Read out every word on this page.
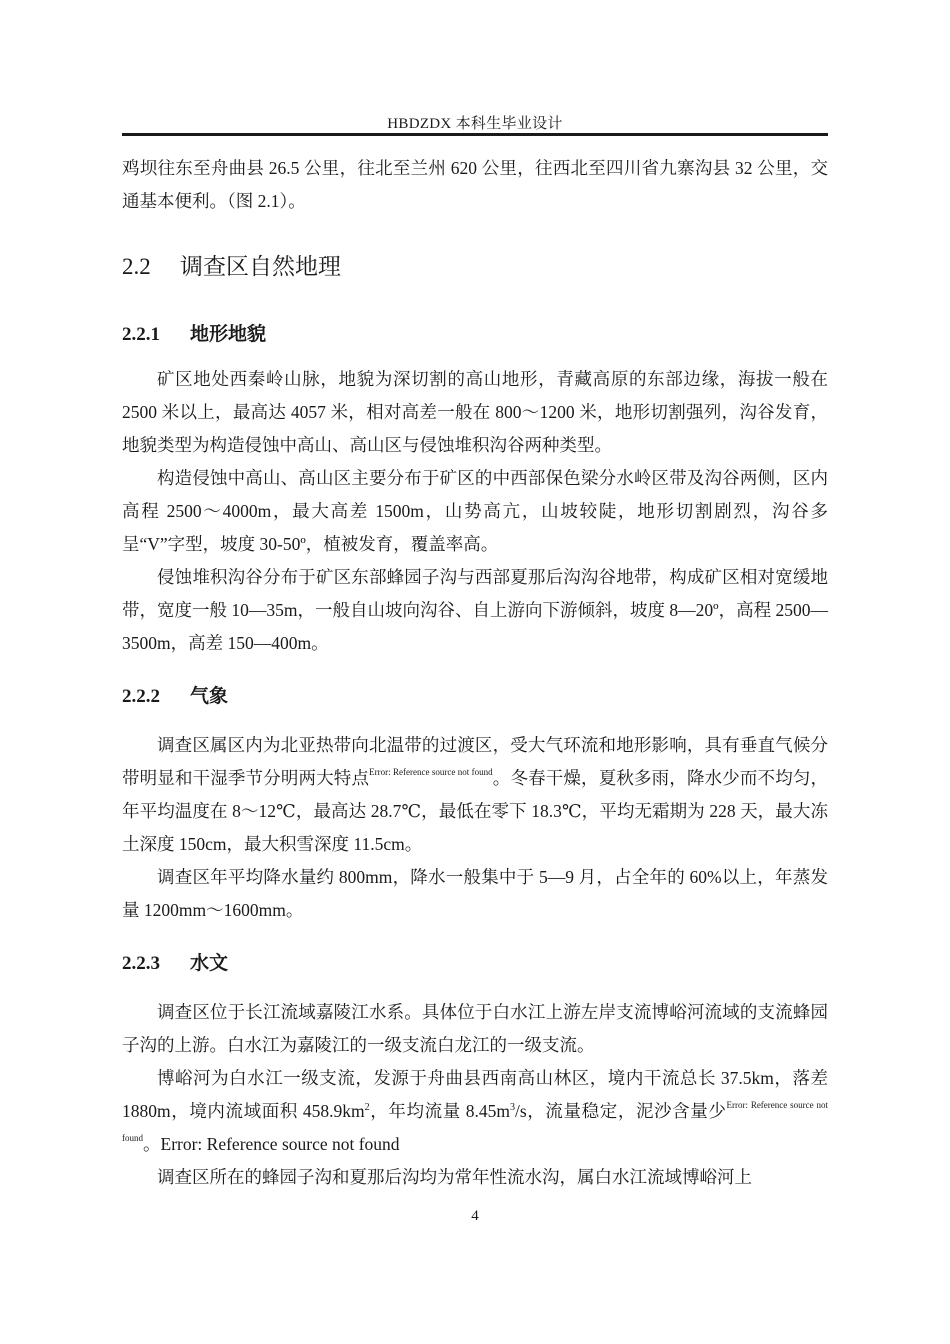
HBDZDX 本科生毕业设计

鸡坝往东至舟曲县 26.5 公里，往北至兰州 620 公里，往西北至四川省九寨沟县 32 公里，交通基本便利。（图 2.1）。

2.2 调查区自然地理
2.2.1 地形地貌

矿区地处西秦岭山脉，地貌为深切割的高山地形，青藏高原的东部边缘，海拔一般在 2500 米以上，最高达 4057 米，相对高差一般在 800～1200 米，地形切割强列，沟谷发育，地貌类型为构造侵蚀中高山、高山区与侵蚀堆积沟谷两种类型。

构造侵蚀中高山、高山区主要分布于矿区的中西部保色梁分水岭区带及沟谷两侧，区内高程 2500～4000m，最大高差 1500m，山势高亢，山坡较陡，地形切割剧烈，沟谷多呈“V”字型，坡度 30-50º，植被发育，覆盖率高。

侵蚀堆积沟谷分布于矿区东部蜂园子沟与西部夏那后沟沟谷地带，构成矿区相对宽缓地带，宽度一般 10—35m，一般自山坡向沟谷、自上游向下游倾斜，坡度 8—20º，高程 2500—3500m，高差 150—400m。

2.2.2 气象

调查区属区内为北亚热带向北温带的过渡区，受大气环流和地形影响，具有垂直气候分带明显和干湿季节分明两大特点$^{Error: Reference source not found}$。冬春干燥，夏秋多雨，降水少而不均匀，年平均温度在 8～12℃，最高达 28.7℃，最低在零下 18.3℃，平均无霜期为 228 天，最大冻土深度 150cm，最大积雪深度 11.5cm。

调查区年平均降水量约 800mm，降水一般集中于 5—9 月，占全年的 60%以上，年蒸发量 1200mm～1600mm。

2.2.3 水文

调查区位于长江流域嘉陵江水系。具体位于白水江上游左岸支流博峪河流域的支流蜂园子沟的上游。白水江为嘉陵江的一级支流白龙江的一级支流。

博峪河为白水江一级支流，发源于舟曲县西南高山林区，境内干流总长 37.5km，落差 1880m，境内流域面积 $458.9km^2$，年均流量 $8.45m^3/s$，流量稳定，泥沙含量少$^{Error: Reference source not found}$。Error: Reference source not found

调查区所在的蜂园子沟和夏那后沟均为常年性流水沟，属白水江流域博峪河上

4
